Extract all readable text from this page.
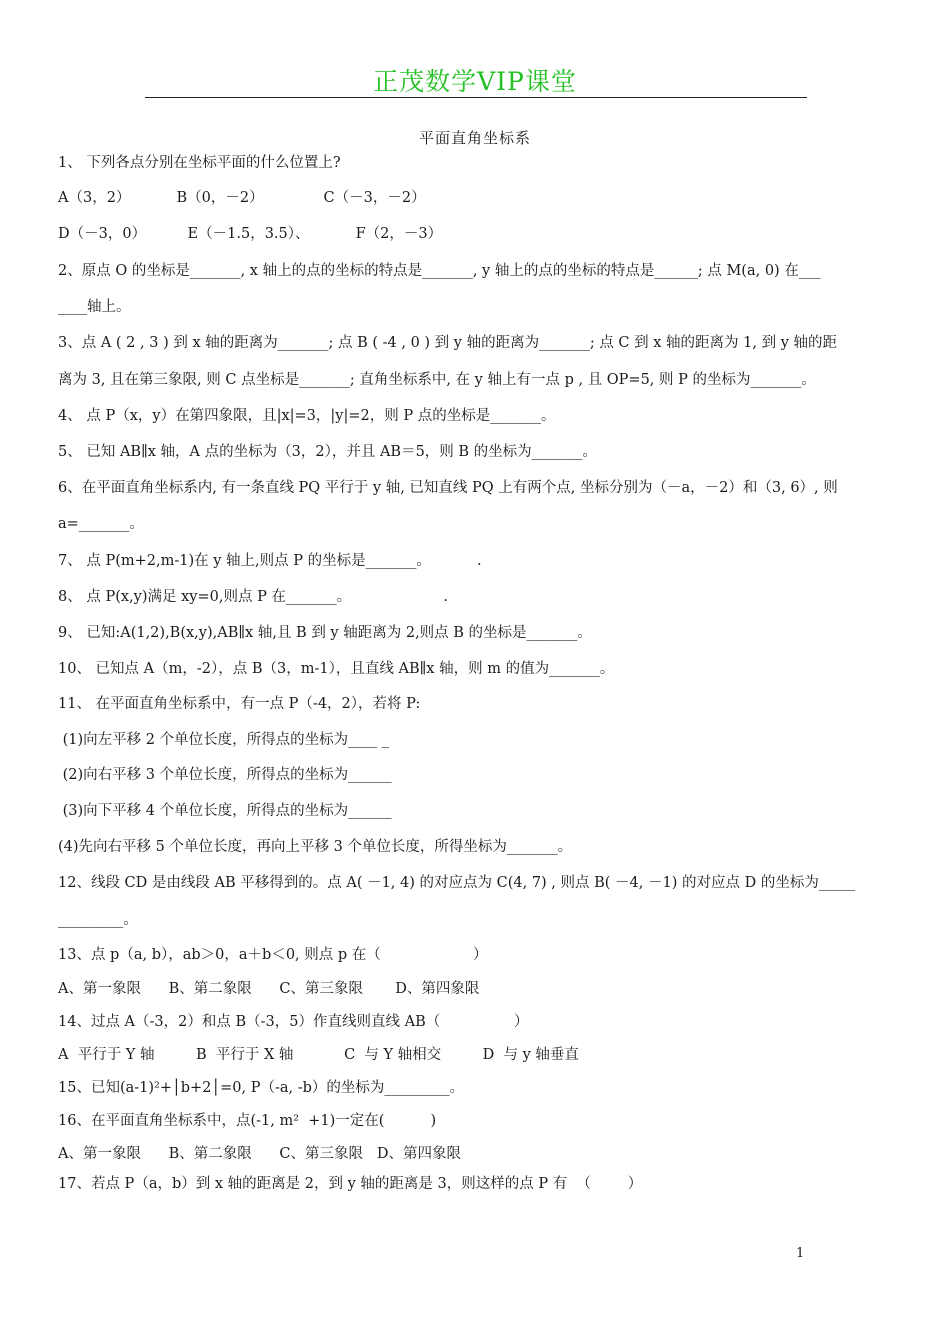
正茂数学VIP课堂
平面直角坐标系
1、 下列各点分别在坐标平面的什么位置上?
A（3，2）          B（0，－2）             C（－3，－2）
D（－3，0）         E（－1.5，3.5）、          F（2，－3）
2、原点 O 的坐标是_______, x 轴上的点的坐标的特点是_______, y 轴上的点的坐标的特点是______; 点 M(a, 0) 在___
____轴上。
3、点 A ( 2 , 3 ) 到 x 轴的距离为_______; 点 B ( -4 , 0 ) 到 y 轴的距离为_______; 点 C 到 x 轴的距离为 1, 到 y 轴的距
离为 3, 且在第三象限, 则 C 点坐标是_______; 直角坐标系中, 在 y 轴上有一点 p , 且 OP=5, 则 P 的坐标为_______。
4、 点 P（x，y）在第四象限，且|x|=3，|y|=2，则 P 点的坐标是_______。
5、 已知 AB∥x 轴，A 点的坐标为（3，2），并且 AB＝5，则 B 的坐标为_______。
6、在平面直角坐标系内, 有一条直线 PQ 平行于 y 轴, 已知直线 PQ 上有两个点, 坐标分别为（－a，－2）和（3, 6）, 则
a=_______。
7、 点 P(m+2,m-1)在 y 轴上,则点 P 的坐标是_______。          .
8、 点 P(x,y)满足 xy=0,则点 P 在_______。                    .
9、 已知:A(1,2),B(x,y),AB∥x 轴,且 B 到 y 轴距离为 2,则点 B 的坐标是_______。
10、 已知点 A（m，-2），点 B（3，m-1），且直线 AB∥x 轴，则 m 的值为_______。
11、 在平面直角坐标系中，有一点 P（-4，2），若将 P:
(1)向左平移 2 个单位长度，所得点的坐标为____ _
(2)向右平移 3 个单位长度，所得点的坐标为______
(3)向下平移 4 个单位长度，所得点的坐标为______
(4)先向右平移 5 个单位长度，再向上平移 3 个单位长度，所得坐标为_______。
12、线段 CD 是由线段 AB 平移得到的。点 A( －1, 4) 的对应点为 C(4, 7) , 则点 B( －4, －1) 的对应点 D 的坐标为_____
_________。
13、点 p（a, b），ab＞0，a＋b＜0, 则点 p 在（                    ）
A、第一象限      B、第二象限      C、第三象限       D、第四象限
14、过点 A（-3，2）和点 B（-3，5）作直线则直线 AB（                ）
A  平行于 Y 轴         B  平行于 X 轴           C  与 Y 轴相交         D  与 y 轴垂直
15、已知(a-1)²+│b+2│=0, P（-a, -b）的坐标为_________。
16、在平面直角坐标系中，点(-1, m²  +1)一定在(          )
A、第一象限      B、第二象限      C、第三象限   D、第四象限
17、若点 P（a，b）到 x 轴的距离是 2，到 y 轴的距离是 3，则这样的点 P 有  （        ）
1
